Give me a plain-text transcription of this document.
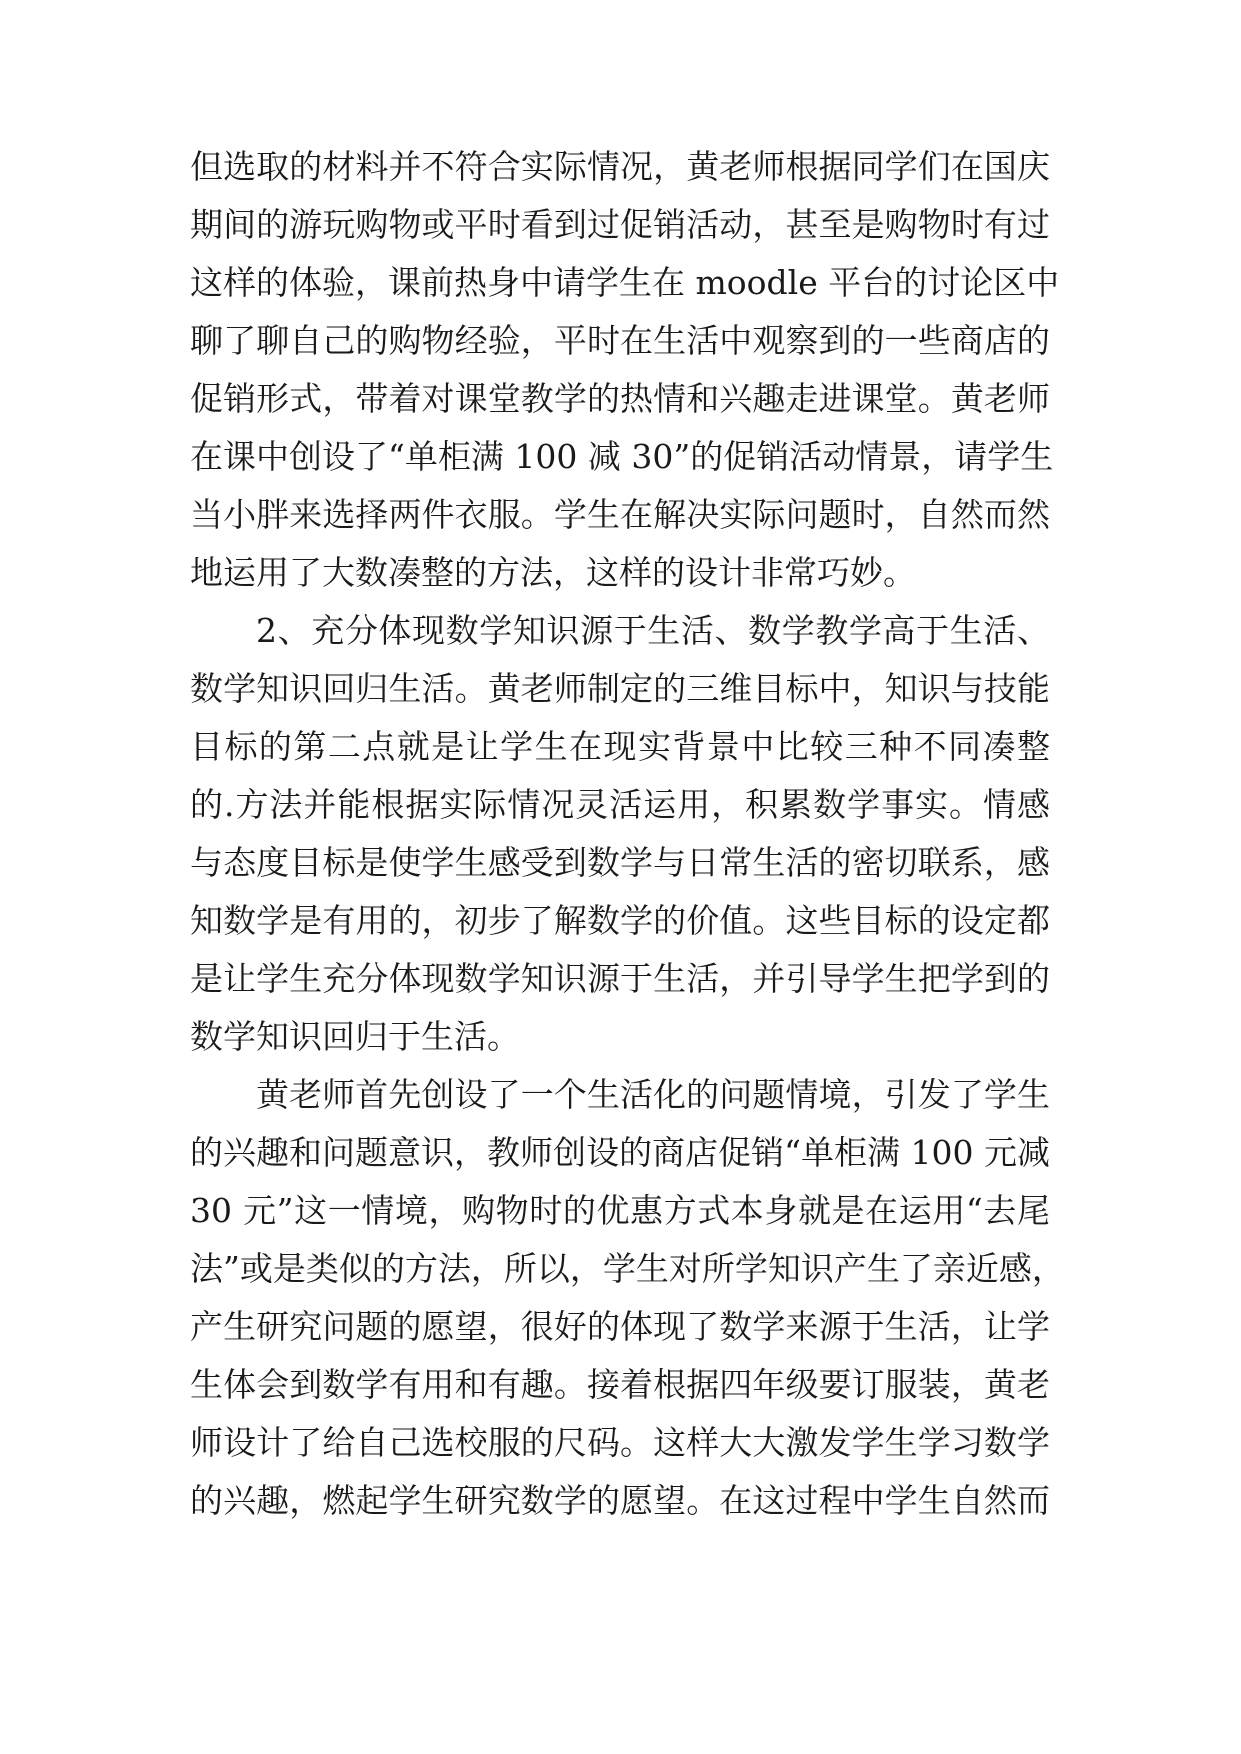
但选取的材料并不符合实际情况，黄老师根据同学们在国庆
期间的游玩购物或平时看到过促销活动，甚至是购物时有过
这样的体验，课前热身中请学生在 moodle 平台的讨论区中
聊了聊自己的购物经验，平时在生活中观察到的一些商店的
促销形式，带着对课堂教学的热情和兴趣走进课堂。黄老师
在课中创设了“单柜满 100 减 30”的促销活动情景，请学生
当小胖来选择两件衣服。学生在解决实际问题时，自然而然
地运用了大数凑整的方法，这样的设计非常巧妙。
2、充分体现数学知识源于生活、数学教学高于生活、
数学知识回归生活。黄老师制定的三维目标中，知识与技能
目标的第二点就是让学生在现实背景中比较三种不同凑整
的.方法并能根据实际情况灵活运用，积累数学事实。情感
与态度目标是使学生感受到数学与日常生活的密切联系，感
知数学是有用的，初步了解数学的价值。这些目标的设定都
是让学生充分体现数学知识源于生活，并引导学生把学到的
数学知识回归于生活。
黄老师首先创设了一个生活化的问题情境，引发了学生
的兴趣和问题意识，教师创设的商店促销“单柜满 100 元减
30 元”这一情境，购物时的优惠方式本身就是在运用“去尾
法”或是类似的方法，所以，学生对所学知识产生了亲近感，
产生研究问题的愿望，很好的体现了数学来源于生活，让学
生体会到数学有用和有趣。接着根据四年级要订服装，黄老
师设计了给自己选校服的尺码。这样大大激发学生学习数学
的兴趣，燃起学生研究数学的愿望。在这过程中学生自然而
